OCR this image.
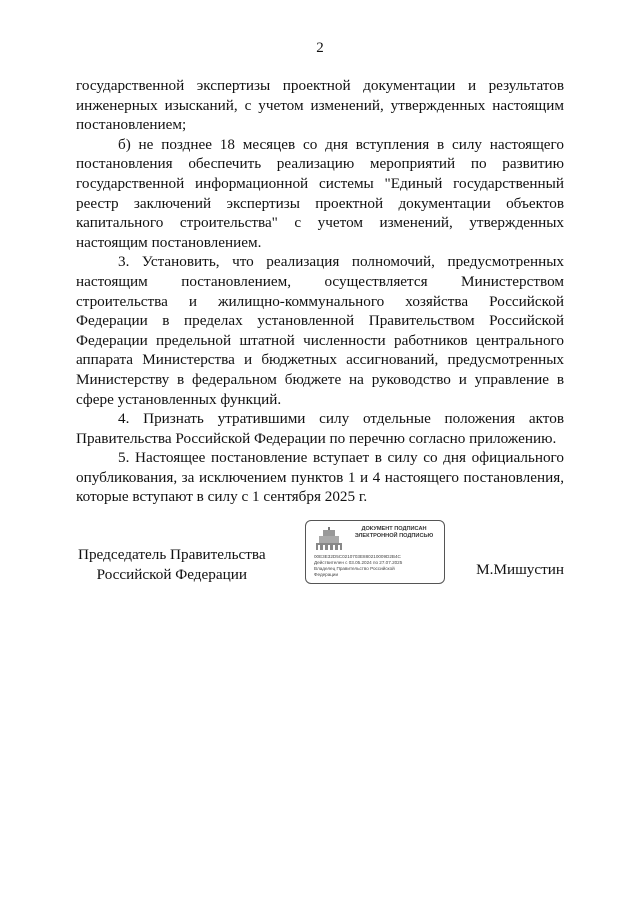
2

государственной экспертизы проектной документации и результатов инженерных изысканий, с учетом изменений, утвержденных настоящим постановлением;

б) не позднее 18 месяцев со дня вступления в силу настоящего постановления обеспечить реализацию мероприятий по развитию государственной информационной системы "Единый государственный реестр заключений экспертизы проектной документации объектов капитального строительства" с учетом изменений, утвержденных настоящим постановлением.

3. Установить, что реализация полномочий, предусмотренных настоящим постановлением, осуществляется Министерством строительства и жилищно-коммунального хозяйства Российской Федерации в пределах установленной Правительством Российской Федерации предельной штатной численности работников центрального аппарата Министерства и бюджетных ассигнований, предусмотренных Министерству в федеральном бюджете на руководство и управление в сфере установленных функций.

4. Признать утратившими силу отдельные положения актов Правительства Российской Федерации по перечню согласно приложению.

5. Настоящее постановление вступает в силу со дня официального опубликования, за исключением пунктов 1 и 4 настоящего постановления, которые вступают в силу с 1 сентября 2025 г.

ДОКУМЕНТ ПОДПИСАН
ЭЛЕКТРОННОЙ ПОДПИСЬЮ
00E3E32D5C0210703E880210009D2B4C
Действителен с 03.05.2024 по 27.07.2025
Владелец Правительство Российской
Федерации
Председатель Правительства
Российской Федерации	М.Мишустин
